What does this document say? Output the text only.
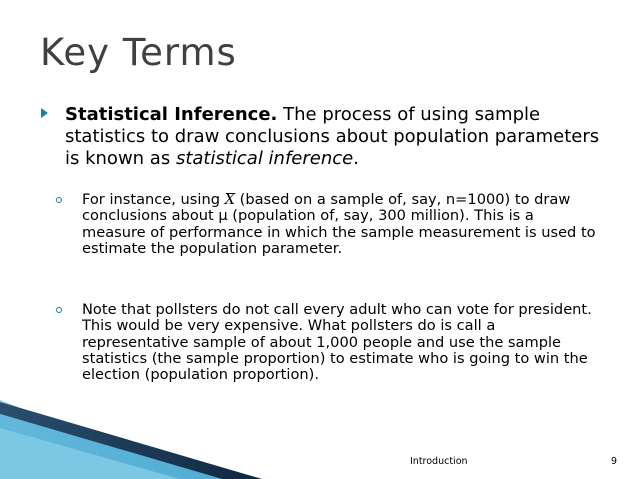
Key Terms
Statistical Inference. The process of using sample statistics to draw conclusions about population parameters is known as statistical inference.
For instance, using X (based on a sample of, say, n=1000) to draw conclusions about μ (population of, say, 300 million). This is a measure of performance in which the sample measurement is used to estimate the population parameter.
Note that pollsters do not call every adult who can vote for president. This would be very expensive. What pollsters do is call a representative sample of about 1,000 people and use the sample statistics (the sample proportion) to estimate who is going to win the election (population proportion).
Introduction	9
